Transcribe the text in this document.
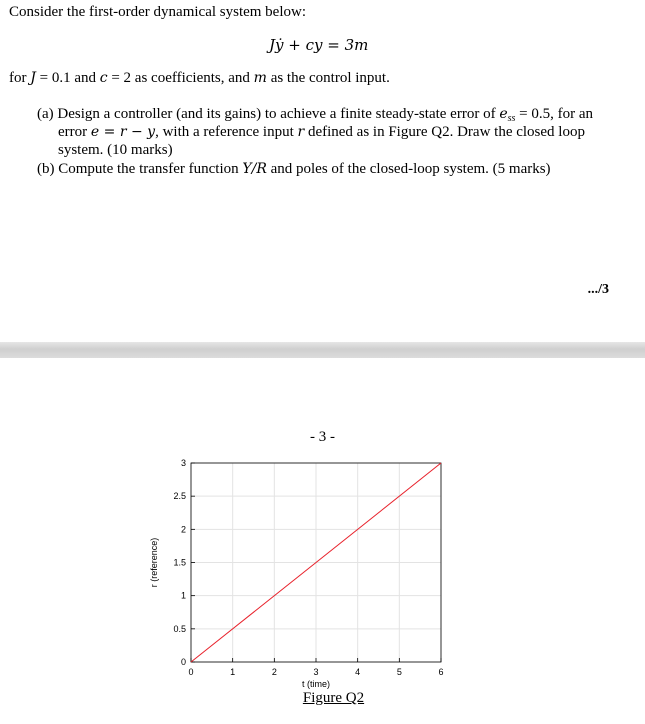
Consider the first-order dynamical system below:
Jẏ + cy = 3m
for J = 0.1 and c = 2 as coefficients, and m as the control input.
(a) Design a controller (and its gains) to achieve a finite steady-state error of $e_{ss} = 0.5$, for an
error e = r − y, with a reference input r defined as in Figure Q2. Draw the closed loop
system. (10 marks)
(b) Compute the transfer function Y/R and poles of the closed-loop system. (5 marks)
.../3
- 3 -
0	1	2	3	4	5	6
0
0.5
1
1.5
2
2.5
3
t (time)
r (reference)
Figure Q2
